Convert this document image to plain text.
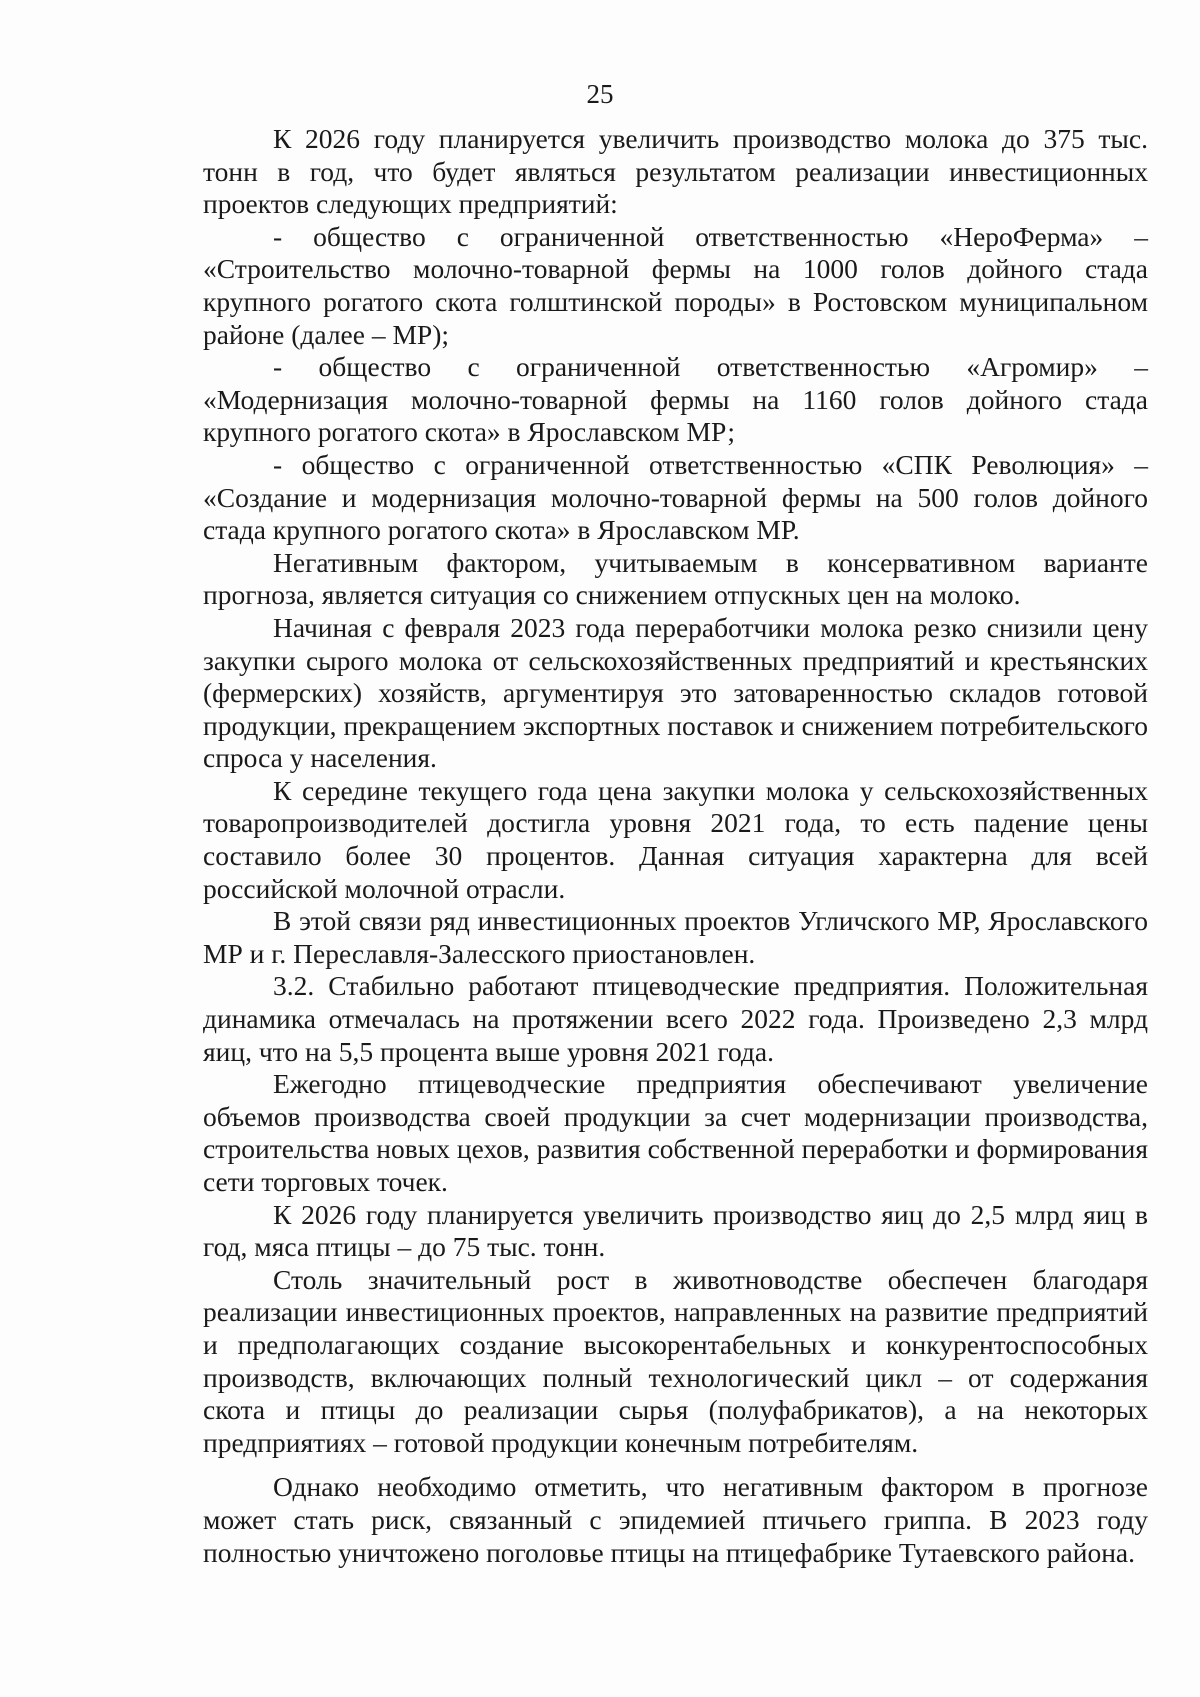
25

К 2026 году планируется увеличить производство молока до 375 тыс. тонн в год, что будет являться результатом реализации инвестиционных проектов следующих предприятий:

- общество с ограниченной ответственностью «НероФерма» – «Строительство молочно-товарной фермы на 1000 голов дойного стада крупного рогатого скота голштинской породы» в Ростовском муниципальном районе (далее – МР);

- общество с ограниченной ответственностью «Агромир» – «Модернизация молочно-товарной фермы на 1160 голов дойного стада крупного рогатого скота» в Ярославском МР;

- общество с ограниченной ответственностью «СПК Революция» – «Создание и модернизация молочно-товарной фермы на 500 голов дойного стада крупного рогатого скота» в Ярославском МР.

Негативным фактором, учитываемым в консервативном варианте прогноза, является ситуация со снижением отпускных цен на молоко.

Начиная с февраля 2023 года переработчики молока резко снизили цену закупки сырого молока от сельскохозяйственных предприятий и крестьянских (фермерских) хозяйств, аргументируя это затоваренностью складов готовой продукции, прекращением экспортных поставок и снижением потребительского спроса у населения.

К середине текущего года цена закупки молока у сельскохозяйственных товаропроизводителей достигла уровня 2021 года, то есть падение цены составило более 30 процентов. Данная ситуация характерна для всей российской молочной отрасли.

В этой связи ряд инвестиционных проектов Угличского МР, Ярославского МР и г. Переславля-Залесского приостановлен.

3.2. Стабильно работают птицеводческие предприятия. Положительная динамика отмечалась на протяжении всего 2022 года. Произведено 2,3 млрд яиц, что на 5,5 процента выше уровня 2021 года.

Ежегодно птицеводческие предприятия обеспечивают увеличение объемов производства своей продукции за счет модернизации производства, строительства новых цехов, развития собственной переработки и формирования сети торговых точек.

К 2026 году планируется увеличить производство яиц до 2,5 млрд яиц в год, мяса птицы – до 75 тыс. тонн.

Столь значительный рост в животноводстве обеспечен благодаря реализации инвестиционных проектов, направленных на развитие предприятий и предполагающих создание высокорентабельных и конкурентоспособных производств, включающих полный технологический цикл – от содержания скота и птицы до реализации сырья (полуфабрикатов), а на некоторых предприятиях – готовой продукции конечным потребителям.

Однако необходимо отметить, что негативным фактором в прогнозе может стать риск, связанный с эпидемией птичьего гриппа. В 2023 году полностью уничтожено поголовье птицы на птицефабрике Тутаевского района.
